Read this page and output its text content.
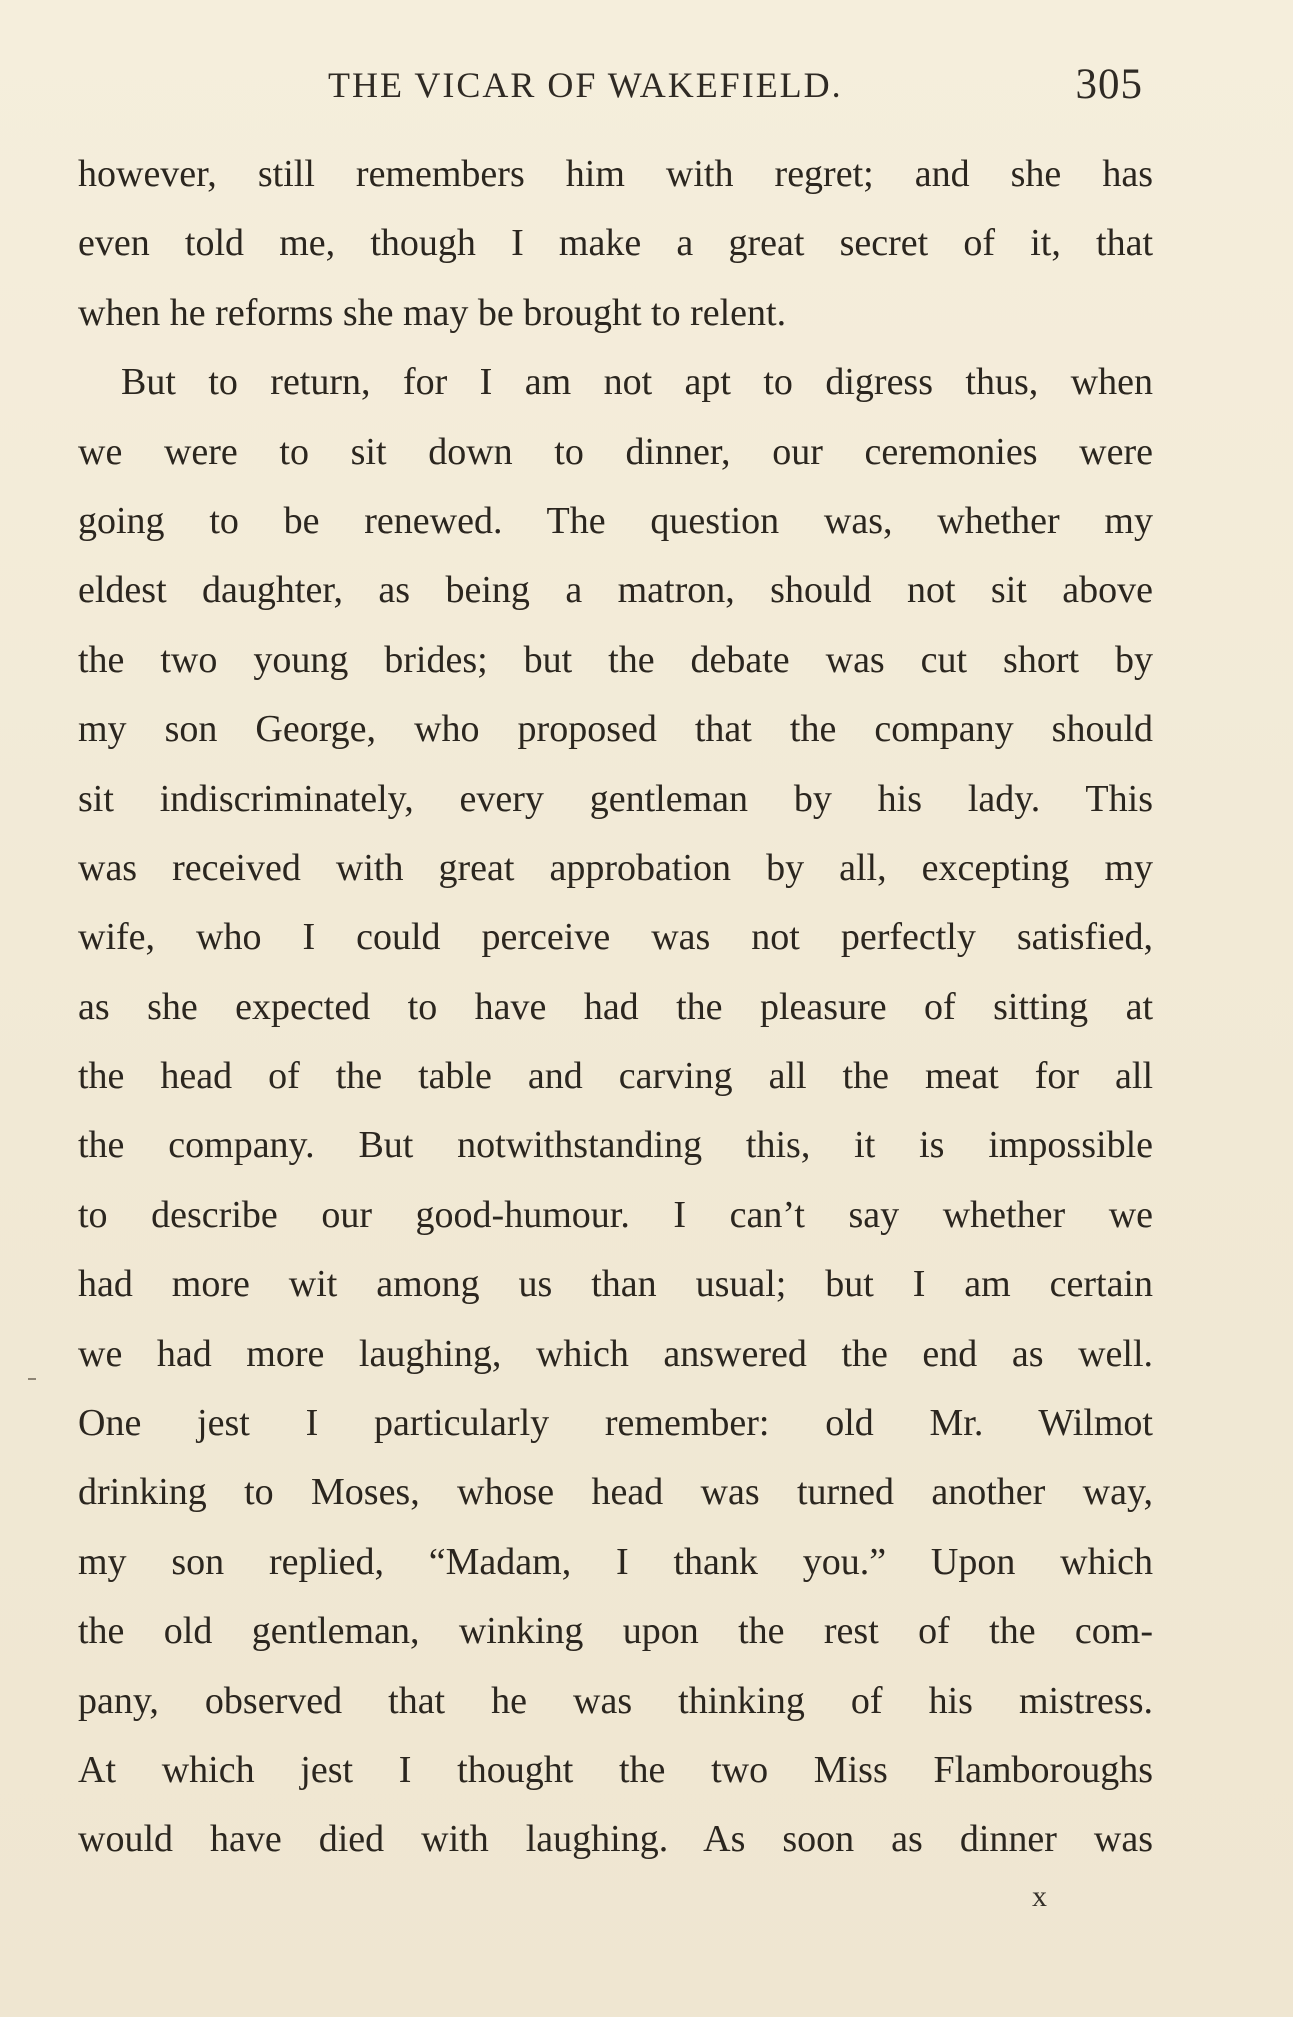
THE VICAR OF WAKEFIELD.	305
however, still remembers him with regret; and she has
even told me, though I make a great secret of it, that
when he reforms she may be brought to relent.
But to return, for I am not apt to digress thus, when
we were to sit down to dinner, our ceremonies were
going to be renewed. The question was, whether my
eldest daughter, as being a matron, should not sit above
the two young brides; but the debate was cut short by
my son George, who proposed that the company should
sit indiscriminately, every gentleman by his lady. This
was received with great approbation by all, excepting my
wife, who I could perceive was not perfectly satisfied,
as she expected to have had the pleasure of sitting at
the head of the table and carving all the meat for all
the company. But notwithstanding this, it is impossible
to describe our good-humour. I can’t say whether we
had more wit among us than usual; but I am certain
we had more laughing, which answered the end as well.
One jest I particularly remember: old Mr. Wilmot
drinking to Moses, whose head was turned another way,
my son replied, “Madam, I thank you.” Upon which
the old gentleman, winking upon the rest of the com-
pany, observed that he was thinking of his mistress.
At which jest I thought the two Miss Flamboroughs
would have died with laughing. As soon as dinner was
x
